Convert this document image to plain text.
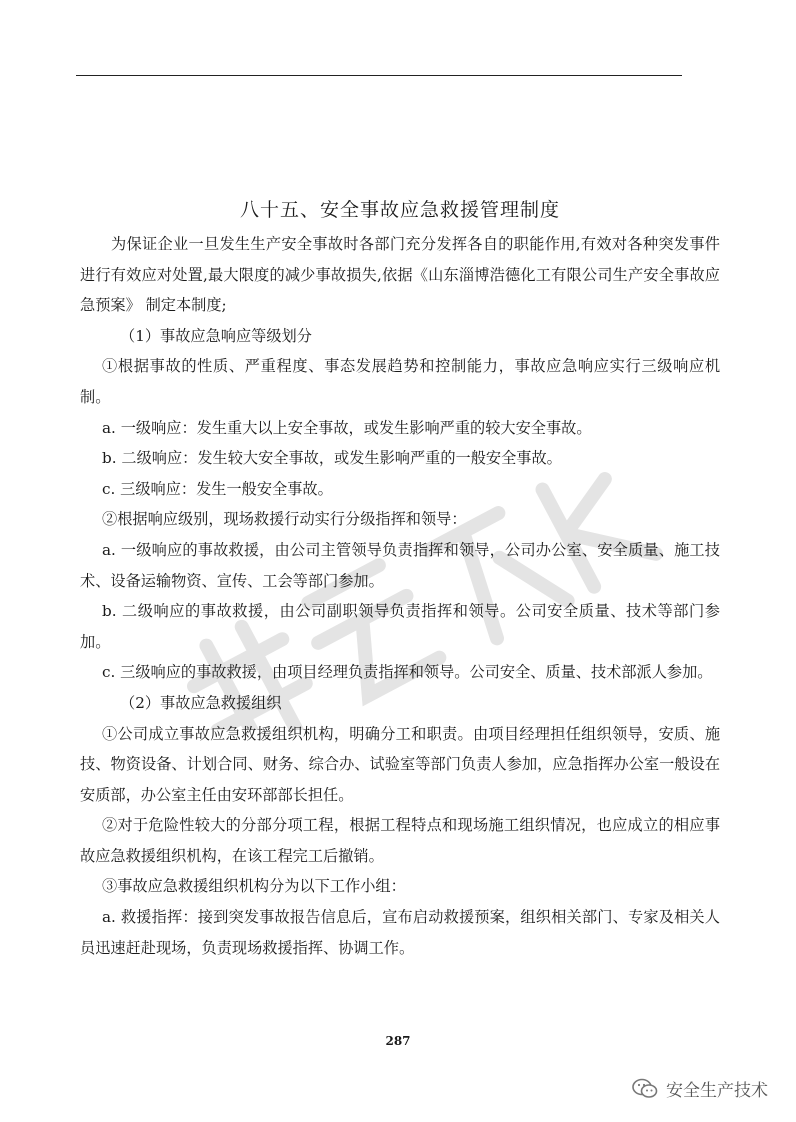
八十五、安全事故应急救援管理制度

为保证企业一旦发生生产安全事故时各部门充分发挥各自的职能作用,有效对各种突发事件进行有效应对处置,最大限度的减少事故损失,依据《山东淄博浩德化工有限公司生产安全事故应急预案》 制定本制度;

（1）事故应急响应等级划分

①根据事故的性质、严重程度、事态发展趋势和控制能力，事故应急响应实行三级响应机制。

a. 一级响应：发生重大以上安全事故，或发生影响严重的较大安全事故。

b. 二级响应：发生较大安全事故，或发生影响严重的一般安全事故。

c. 三级响应：发生一般安全事故。

②根据响应级别，现场救援行动实行分级指挥和领导：

a. 一级响应的事故救援，由公司主管领导负责指挥和领导，公司办公室、安全质量、施工技术、设备运输物资、宣传、工会等部门参加。

b. 二级响应的事故救援，由公司副职领导负责指挥和领导。公司安全质量、技术等部门参加。

c. 三级响应的事故救援，由项目经理负责指挥和领导。公司安全、质量、技术部派人参加。

（2）事故应急救援组织

①公司成立事故应急救援组织机构，明确分工和职责。由项目经理担任组织领导，安质、施技、物资设备、计划合同、财务、综合办、试验室等部门负责人参加，应急指挥办公室一般设在安质部，办公室主任由安环部部长担任。

②对于危险性较大的分部分项工程，根据工程特点和现场施工组织情况，也应成立的相应事故应急救援组织机构，在该工程完工后撤销。

③事故应急救援组织机构分为以下工作小组：

a. 救援指挥：接到突发事故报告信息后，宣布启动救援预案，组织相关部门、专家及相关人员迅速赶赴现场，负责现场救援指挥、协调工作。

287
安全生产技术
